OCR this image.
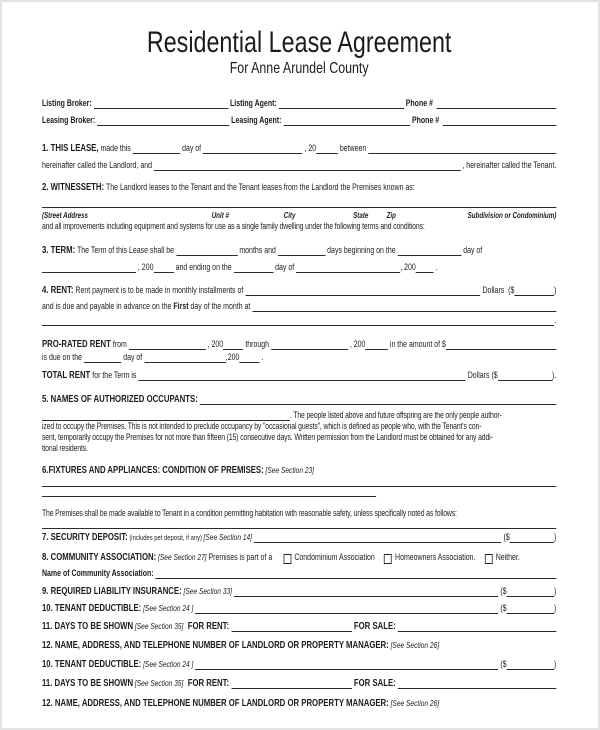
Residential Lease Agreement
For Anne Arundel County
Listing Broker:	Listing Agent:	Phone #
Leasing Broker:	Leasing Agent:	Phone #
1. THIS LEASE, made this	day of	, 20 between
hereinafter called the Landlord, and	, hereinafter called the Tenant.
2. WITNESSETH: The Landlord leases to the Tenant and the Tenant leases from the Landlord the Premises known as:
(Street Address	Unit #	City	State Zip	Subdivision or Condominium)
and all improvements including equipment and systems for use as a single family dwelling under the following terms and conditions:
3. TERM: The Term of this Lease shall be	months and	days beginning on the	day of
, 200 and ending on the	day of	, 200 .
4. RENT: Rent payment is to be made in monthly installments of	Dollars  ($	)
and is due and payable in advance on the First day of the month at
.
PRO-RATED RENT from	, 200 through	, 200	in the amount of $
is due on the	day of	,200 .
TOTAL RENT for the Term is	Dollars ($	).
5. NAMES OF AUTHORIZED OCCUPANTS:
. The people listed above and future offspring are the only people author-
ized to occupy the Premises. This is not intended to preclude occupancy by "occasional guests", which is defined as people who, with the Tenant's con-
sent, temporarily occupy the Premises for not more than fifteen (15) consecutive days. Written permission from the Landlord must be obtained for any addi-
tional residents.
6.FIXTURES AND APPLIANCES: CONDITION OF PREMISES: [See Section 23]
The Premises shall be made available to Tenant in a condition permitting habitation with reasonable safety, unless specifically noted as follows:
7. SECURITY DEPOSIT: (includes pet deposit, if any) [See Section 14]	($	)
8. COMMUNITY ASSOCIATION: [See Section 27] Premises is part of a Condominium Association Homeowners Association. Neither.
Name of Community Association:
9. REQUIRED LIABILITY INSURANCE: [See Section 33]	($	)
10. TENANT DEDUCTIBLE: [See Section 24 ]	($	)
11. DAYS TO BE SHOWN [See Section 35] FOR RENT:	FOR SALE:
12. NAME, ADDRESS, AND TELEPHONE NUMBER OF LANDLORD OR PROPERTY MANAGER: [See Section 26]
10. TENANT DEDUCTIBLE: [See Section 24 ]	($	)
11. DAYS TO BE SHOWN [See Section 35] FOR RENT:	FOR SALE:
12. NAME, ADDRESS, AND TELEPHONE NUMBER OF LANDLORD OR PROPERTY MANAGER: [See Section 26]
